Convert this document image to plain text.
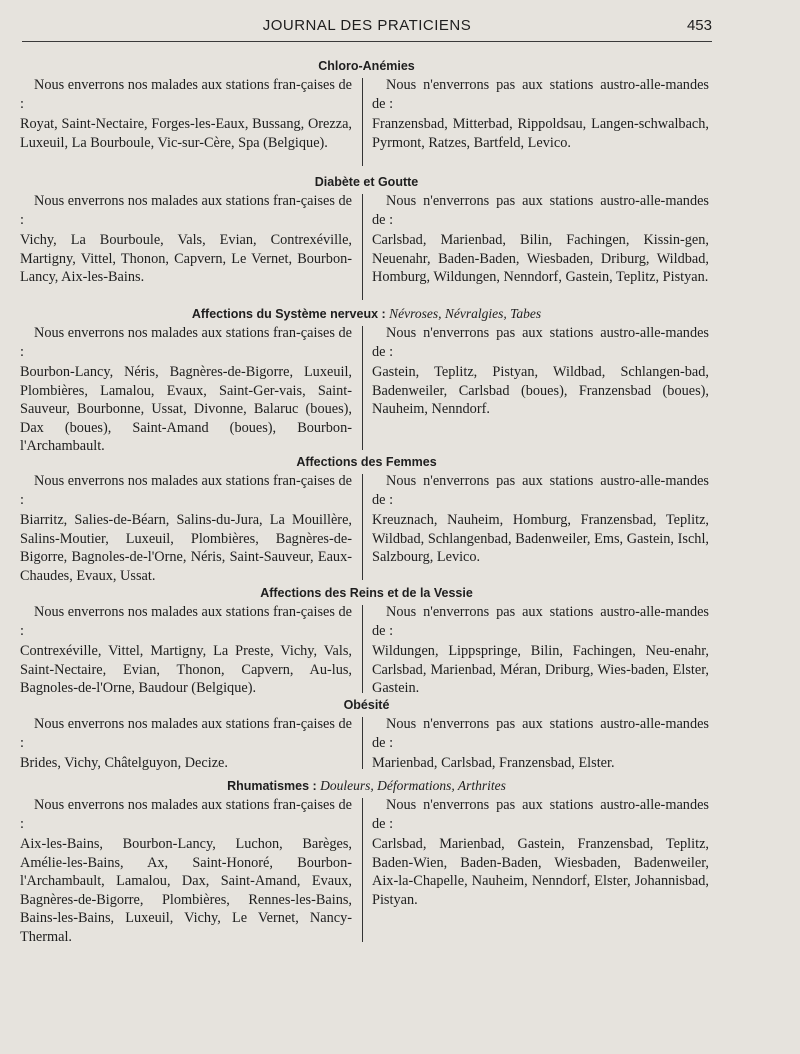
JOURNAL DES PRATICIENS	453
Chloro-Anémies

Nous enverrons nos malades aux stations fran-çaises de :

Royat, Saint-Nectaire, Forges-les-Eaux, Bussang, Orezza, Luxeuil, La Bourboule, Vic-sur-Cère, Spa (Belgique).

Nous n'enverrons pas aux stations austro-alle-mandes de :

Franzensbad, Mitterbad, Rippoldsau, Langen-schwalbach, Pyrmont, Ratzes, Bartfeld, Levico.

Diabète et Goutte

Nous enverrons nos malades aux stations fran-çaises de :

Vichy, La Bourboule, Vals, Evian, Contrexéville, Martigny, Vittel, Thonon, Capvern, Le Vernet, Bourbon-Lancy, Aix-les-Bains.

Nous n'enverrons pas aux stations austro-alle-mandes de :

Carlsbad, Marienbad, Bilin, Fachingen, Kissin-gen, Neuenahr, Baden-Baden, Wiesbaden, Driburg, Wildbad, Homburg, Wildungen, Nenndorf, Gastein, Teplitz, Pistyan.

Affections du Système nerveux : Névroses, Névralgies, Tabes

Nous enverrons nos malades aux stations fran-çaises de :

Bourbon-Lancy, Néris, Bagnères-de-Bigorre, Luxeuil, Plombières, Lamalou, Evaux, Saint-Ger-vais, Saint-Sauveur, Bourbonne, Ussat, Divonne, Balaruc (boues), Dax (boues), Saint-Amand (boues), Bourbon-l'Archambault.

Nous n'enverrons pas aux stations austro-alle-mandes de :

Gastein, Teplitz, Pistyan, Wildbad, Schlangen-bad, Badenweiler, Carlsbad (boues), Franzensbad (boues), Nauheim, Nenndorf.

Affections des Femmes

Nous enverrons nos malades aux stations fran-çaises de :

Biarritz, Salies-de-Béarn, Salins-du-Jura, La Mouillère, Salins-Moutier, Luxeuil, Plombières, Bagnères-de-Bigorre, Bagnoles-de-l'Orne, Néris, Saint-Sauveur, Eaux-Chaudes, Evaux, Ussat.

Nous n'enverrons pas aux stations austro-alle-mandes de :

Kreuznach, Nauheim, Homburg, Franzensbad, Teplitz, Wildbad, Schlangenbad, Badenweiler, Ems, Gastein, Ischl, Salzbourg, Levico.

Affections des Reins et de la Vessie

Nous enverrons nos malades aux stations fran-çaises de :

Contrexéville, Vittel, Martigny, La Preste, Vichy, Vals, Saint-Nectaire, Evian, Thonon, Capvern, Au-lus, Bagnoles-de-l'Orne, Baudour (Belgique).

Nous n'enverrons pas aux stations austro-alle-mandes de :

Wildungen, Lippspringe, Bilin, Fachingen, Neu-enahr, Carlsbad, Marienbad, Méran, Driburg, Wies-baden, Elster, Gastein.

Obésité

Nous enverrons nos malades aux stations fran-çaises de :

Brides, Vichy, Châtelguyon, Decize.

Nous n'enverrons pas aux stations austro-alle-mandes de :

Marienbad, Carlsbad, Franzensbad, Elster.

Rhumatismes : Douleurs, Déformations, Arthrites

Nous enverrons nos malades aux stations fran-çaises de :

Aix-les-Bains, Bourbon-Lancy, Luchon, Barèges, Amélie-les-Bains, Ax, Saint-Honoré, Bourbon-l'Archambault, Lamalou, Dax, Saint-Amand, Evaux, Bagnères-de-Bigorre, Plombières, Rennes-les-Bains, Bains-les-Bains, Luxeuil, Vichy, Le Vernet, Nancy-Thermal.

Nous n'enverrons pas aux stations austro-alle-mandes de :

Carlsbad, Marienbad, Gastein, Franzensbad, Teplitz, Baden-Wien, Baden-Baden, Wiesbaden, Badenweiler, Aix-la-Chapelle, Nauheim, Nenndorf, Elster, Johannisbad, Pistyan.
